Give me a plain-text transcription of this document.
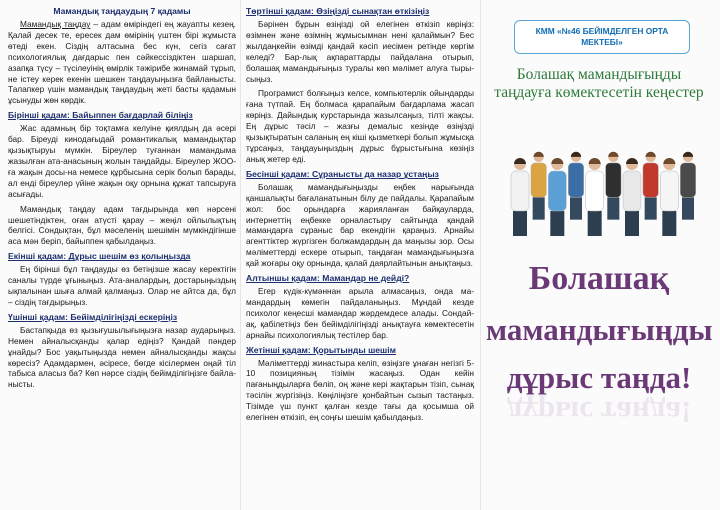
Мамандық таңдаудың 7 қадамы

Мамандық таңдау – адам өміріндегі ең жауапты кезең. Қалай десек те, ересек дам өмірінің үштен бірі жұмыста өтеді екен. Сіздің алтасына бес күн, сегіз сағат психологиялық дағдарыс пен сәйкессіздіктен шаршап, азапқа түсу – түсілеуінің өмірлік тәжірибе жинамай тұрып, не істеу керек екенін шешкен таңдауыңызға байланысты. Талапкер үшін мамандық таңдаудың жеті басты қадамын ұсынуды жөн көрдік.

Бірінші қадам: Байыппен бағдарлай біліңіз

Жас адамның бір тоқтамға келуіне қиялдың да әсері бар. Біреуді кинодағыдай романтикалық мамандықтар қызықтыруы мүмкін. Біреулер туғаннан мамандыма жазылған ата-анасының жолын таңдайды. Біреулер ЖОО-ға жақын досы-на немесе құрбысына серік болып барады, ал енді біреулер үйіне жақын оқу орнына құжат тапсыруға асығады.

Мамандық таңдау адам тағдырында көп нәрсені шешетіндіктен, оған атүсті қарау – жеңіл ойлылықтың белгісі. Сондықтан, бұл мәселенің шешімін мүмкіндігінше аса мән беріп, байыппен қабылдаңыз.

Екінші қадам: Дұрыс шешім өз қолыңызда

Ең бірінші бұл таңдауды өз бетіңізше жасау керектігін саналы түрде ұғыныңыз. Ата-аналардың, достарыңыздың ықпалынан шыға алмай қалмаңыз. Олар не айтса да, бұл – сіздің тағдырыңыз.

Үшінші қадам: Бейімділігіңізді ескеріңіз

Бастапқыда өз қызығушылығыңызға назар аударыңыз. Немен айналысқанды қалар едіңіз? Қандай пәндер ұнайды? Бос уақытыңызда немен айналысқанды жақсы көресіз? Адамдармен, әсіресе, бөгде кісілермен оңай тіл табыса аласыз ба? Көп нәрсе сіздің бейімділігіңізге байла-нысты.

Төртінші қадам: Өзіңізді сынақтан өткізіңіз

Бәрінен бұрын өзіңізді ой елегінен өткізіп көріңіз: өзімнен және өзімнің жұмысымнан нені қалаймын? Бес жылдаңкейін өзімді қандай кәсіп иесімен ретінде көргім келеді? Бар-лық ақпараттарды пайдалана отырып, болашақ мамандығыңыз туралы көп мәлімет алуға тыры-сыңыз.

Програмист болғыңыз келсе, компьютерлік ойындарды ғана түтпай. Ең болмаса қарапайым бағдарлама жасап көріңіз. Дайындық курстарында жазылсаңыз, тілті жақсы. Ең дұрыс тәсіл – жазғы демалыс кезінде өзіңізді қызықтыратын саланың ең кіші қызметкері болып жұмысқа тұрсаңыз, таңдауыңыздың дұрыс бұрыстығына көзіңіз анық жетер еді.

Бесінші қадам: Сұранысты да назар ұстаңыз

Болашақ мамандығыңызды еңбек нарығында қаншалықты бағаланатынын білу де пайдалы. Қарапайым жол: бос орындарға жарияланған байқауларда, интернеттің еңбекке орналастыру сайтында қандай мамандарға сұраныс бар екендігін қараңыз. Арнайы агенттіктер жүргізген болжамдардың да маңызы зор. Осы мәліметтерді ескере отырып, таңдаған мамандығыңызға қай жоғары оқу орнында, қалай даярлайтынын анықтаңыз.

Алтыншы қадам: Мамандар не дейді?

Егер күдік-күмәннан арыла алмасаңыз, онда ма-мандардың көмегін пайдаланыңыз. Мұндай кезде психолог кеңесші мамандар жәрдемдесе алады. Сондай-ақ, қабілетіңіз бен бейімділігіңізді анықтауға көмектесетін арнайы психологиялық тестілер бар.

Жетінші қадам: Қорытынды шешім

Мәліметтерді жинастыра келіп, өзіңізге ұнаған негізгі 5-10 позицияның тізімін жасаңыз. Одан кейін пағаныңдыларға бөліп, оң және кері жақтарын тізіп, сынақ тәсілін жүргізіңіз. Көңіліңізге қонбайтын сызып тастаңыз. Тізімде үш пункт қалған кезде тағы да қосымша ой елегінен өткізіп, ең соңғы шешім қабылдаңыз.

КММ «№46 БЕЙІМДЕЛГЕН ОРТА МЕКТЕБІ»
Болашақ мамандығыңды таңдауға көмектесетін кеңестер
Болашақ
мамандығыңды
дұрыс таңда!
дұрыс таңда!
